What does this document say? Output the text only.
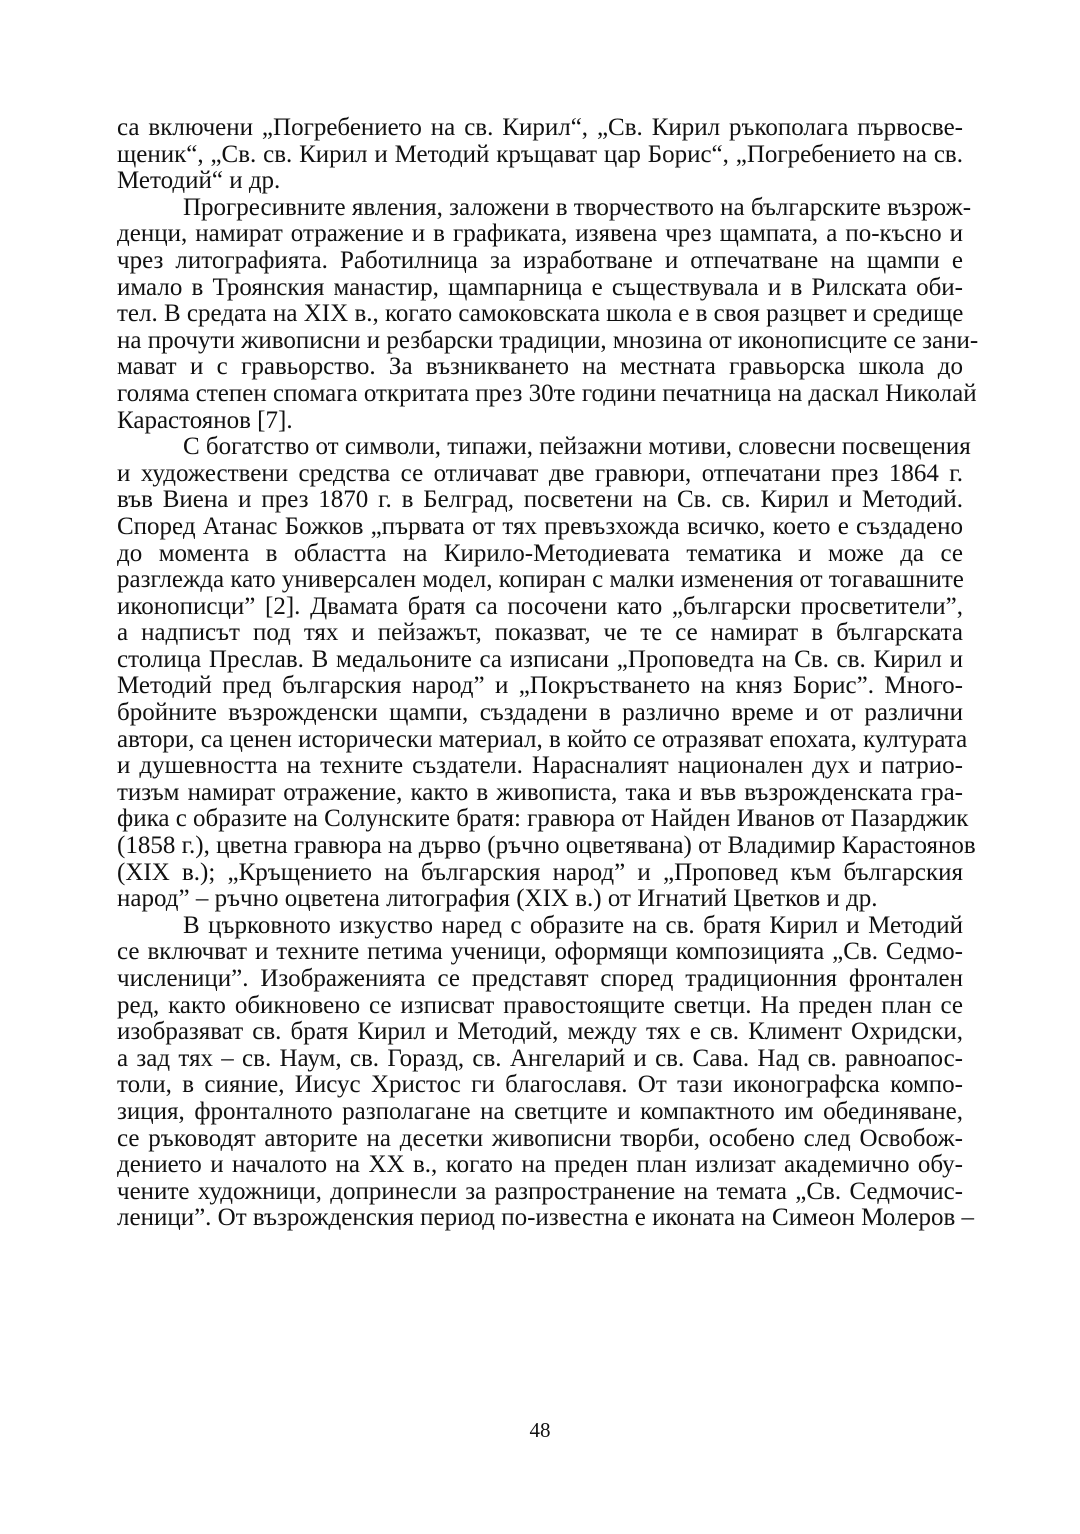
са включени „Погребението на св. Кирил“, „Св. Кирил ръкополага първосве-
щеник“, „Св. св. Кирил и Методий кръщават цар Борис“, „Погребението на св.
Методий“ и др.
Прогресивните явления, заложени в творчеството на българските възрож-
денци, намират отражение и в графиката, изявена чрез щампата, а по-късно и
чрез литографията. Работилница за изработване и отпечатване на щампи е
имало в Троянския манастир, щампарница е съществувала и в Рилската оби-
тел. В средата на XIX в., когато самоковската школа е в своя разцвет и средище
на прочути живописни и резбарски традиции, мнозина от иконописците се зани-
мават и с гравьорство. За възникването на местната гравьорска школа до
голяма степен спомага откритата през 30те години печатница на даскал Николай
Карастоянов [7].
С богатство от символи, типажи, пейзажни мотиви, словесни посвещения
и художествени средства се отличават две гравюри, отпечатани през 1864 г.
във Виена и през 1870 г. в Белград, посветени на Св. св. Кирил и Методий.
Според Атанас Божков „първата от тях превъзхожда всичко, което е създадено
до момента в областта на Кирило-Методиевата тематика и може да се
разглежда като универсален модел, копиран с малки изменения от тогавашните
иконописци” [2]. Двамата братя са посочени като „български просветители”,
а надписът под тях и пейзажът, показват, че те се намират в българската
столица Преслав. В медальоните са изписани „Проповедта на Св. св. Кирил и
Методий пред българския народ” и „Покръстването на княз Борис”. Много-
бройните възрожденски щампи, създадени в различно време и от различни
автори, са ценен исторически материал, в който се отразяват епохата, културата
и душевността на техните създатели. Нарасналият национален дух и патрио-
тизъм намират отражение, както в живописта, така и във възрожденската гра-
фика с образите на Солунските братя: гравюра от Найден Иванов от Пазарджик
(1858 г.), цветна гравюра на дърво (ръчно оцветявана) от Владимир Карастоянов
(XIX в.); „Кръщението на българския народ” и „Проповед към българския
народ” – ръчно оцветена литография (XIX в.) от Игнатий Цветков и др.
В църковното изкуство наред с образите на св. братя Кирил и Методий
се включват и техните петима ученици, оформящи композицията „Св. Седмо-
численици”. Изображенията се представят според традиционния фронтален
ред, както обикновено се изписват правостоящите светци. На преден план се
изобразяват св. братя Кирил и Методий, между тях е св. Климент Охридски,
а зад тях – св. Наум, св. Горазд, св. Ангеларий и св. Сава. Над св. равноапос-
толи, в сияние, Иисус Христос ги благославя. От тази иконографска компо-
зиция, фронталното разполагане на светците и компактното им обединяване,
се ръководят авторите на десетки живописни творби, особено след Освобож-
дението и началото на XX в., когато на преден план излизат академично обу-
чените художници, допринесли за разпространение на темата „Св. Седмочис-
леници”. От възрожденския период по-известна е иконата на Симеон Молеров –
48
